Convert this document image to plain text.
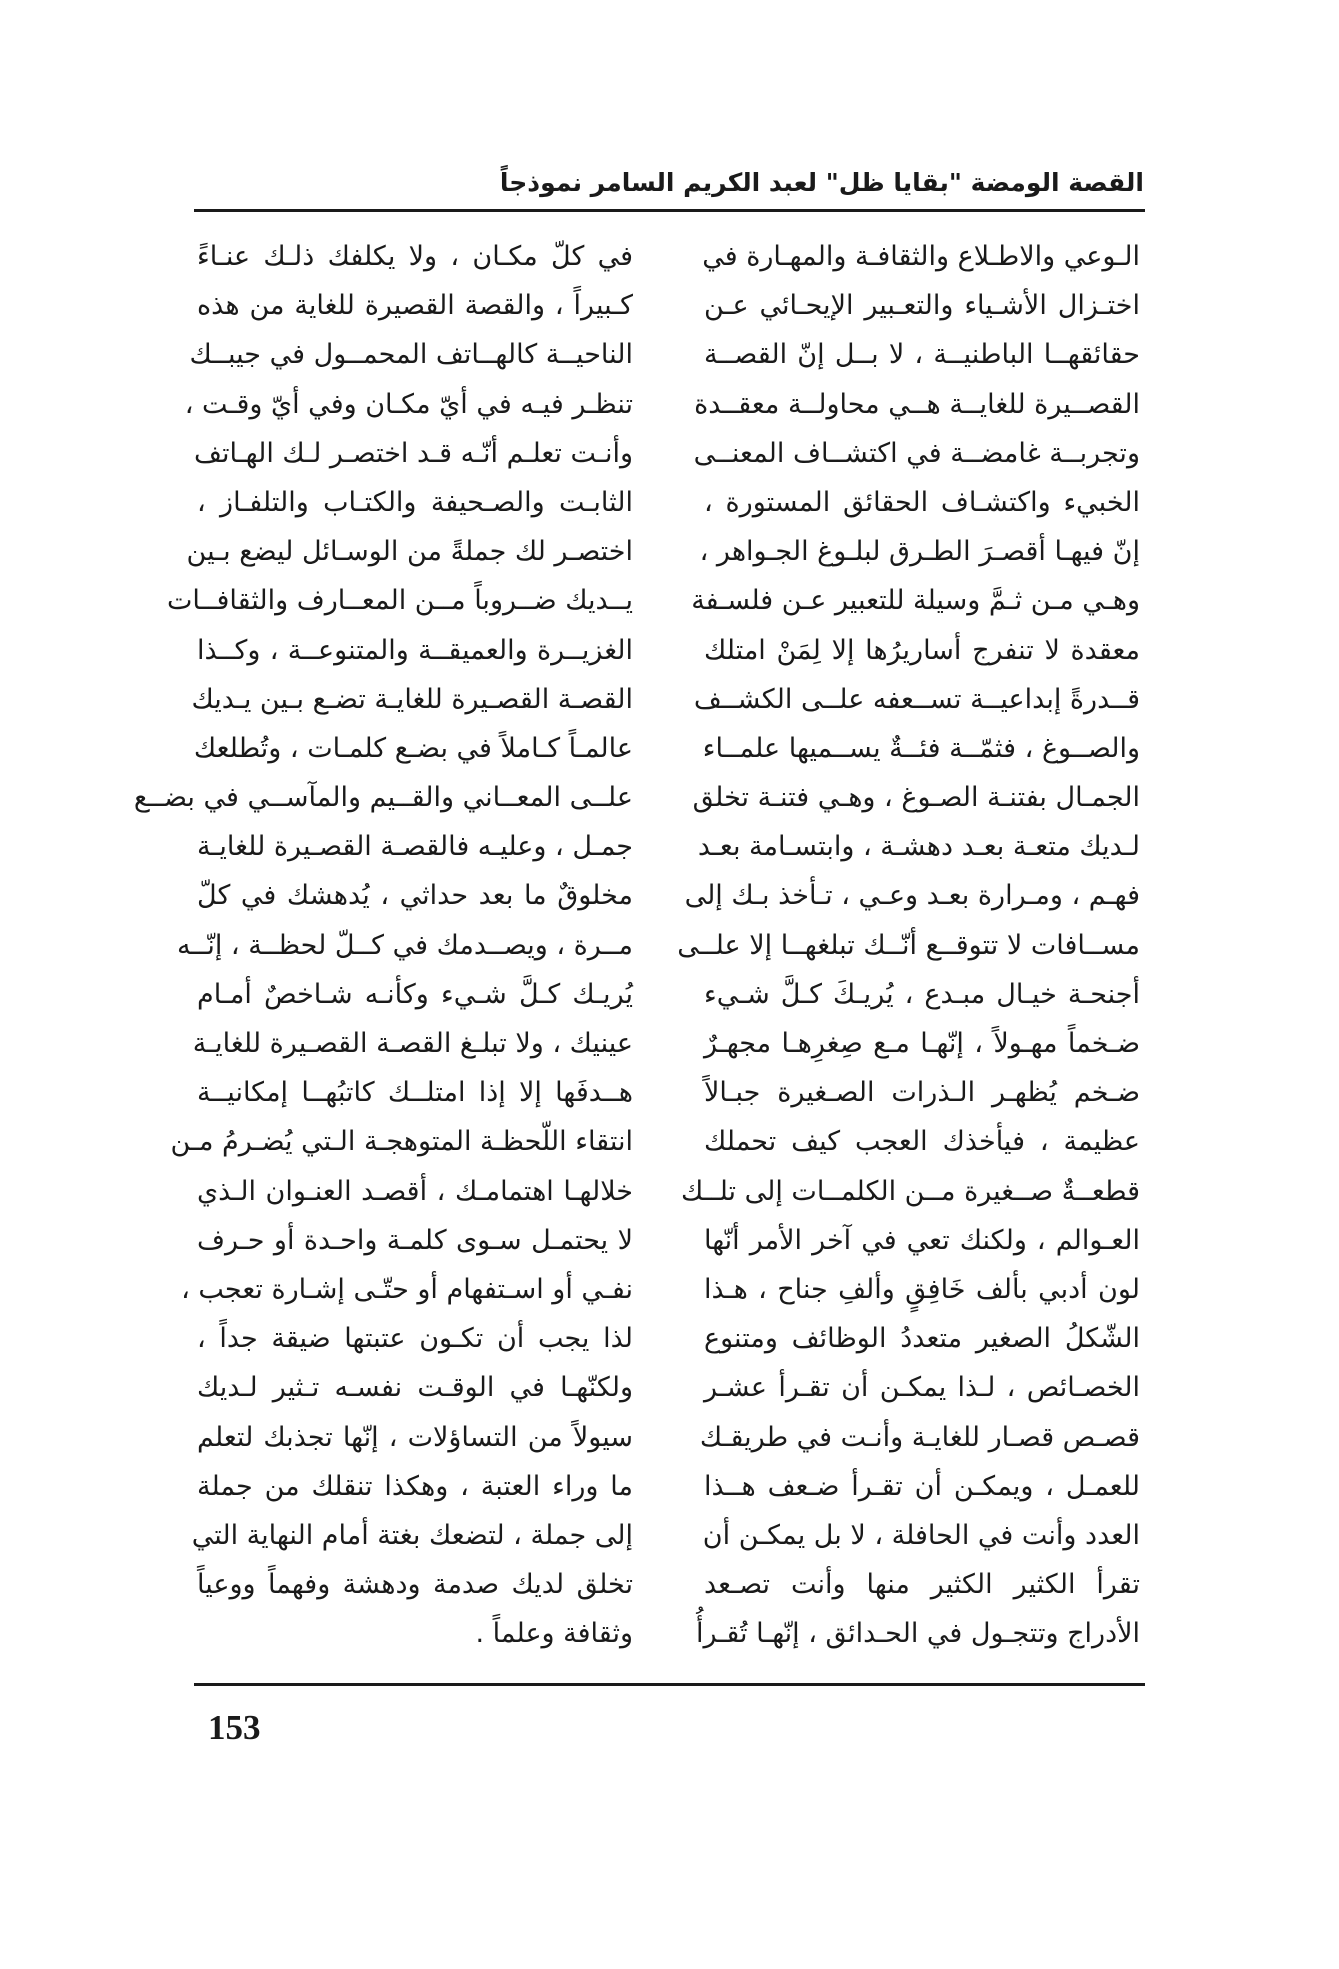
القصة الومضة "بقايا ظل" لعبد الكريم السامر نموذجاً
الـوعي والاطـلاع والثقافـة والمهـارة في
اختـزال الأشـياء والتعـبير الإيحـائي عـن
حقائقهــا الباطنيــة ، لا بــل إنّ القصــة
القصــيرة للغايــة هــي محاولــة معقــدة
وتجربــة غامضــة في اكتشــاف المعنــى
الخبيء واكتشـاف الحقائق المستورة ،
إنّ فيهـا أقصـرَ الطـرق لبلـوغ الجـواهر ،
وهـي مـن ثـمَّ وسيلة للتعبير عـن فلسـفة
معقدة لا تنفرج أساريرُها إلا لِمَنْ امتلك
قــدرةً إبداعيــة تســعفه علــى الكشــف
والصــوغ ، فثمّــة فئــةٌ يســميها علمــاء
الجمـال بفتنـة الصـوغ ، وهـي فتنـة تخلق
لـديك متعـة بعـد دهشـة ، وابتسـامة بعـد
فهـم ، ومـرارة بعـد وعـي ، تـأخذ بـك إلى
مســافات لا تتوقــع أنّــك تبلغهــا إلا علــى
أجنحـة خيـال مبـدع ، يُريـكَ كـلَّ شـيء
ضـخماً مهـولاً ، إنّهـا مـع صِغرِهـا مجهـرٌ
ضـخم يُظهـر الـذرات الصـغيرة جبـالاً
عظيمة ، فيأخذك العجب كيف تحملك
قطعــةٌ صــغيرة مــن الكلمــات إلى تلــك
العـوالم ، ولكنك تعي في آخر الأمر أنّها
لون أدبي بألف خَافِقٍ وألفِ جناح ، هـذا
الشّكلُ الصغير متعددُ الوظائف ومتنوع
الخصـائص ، لـذا يمكـن أن تقـرأ عشـر
قصـص قصـار للغايـة وأنـت في طريقـك
للعمـل ، ويمكـن أن تقـرأ ضـعف هــذا
العدد وأنت في الحافلة ، لا بل يمكـن أن
تقرأ الكثير الكثير منها وأنت تصـعد
الأدراج وتتجـول في الحـدائق ، إنّهـا تُقـرأُ
في كلّ مكـان ، ولا يكلفك ذلـك عنـاءً
كـبيراً ، والقصة القصيرة للغاية من هذه
الناحيــة كالهــاتف المحمــول في جيبــك
تنظـر فيـه في أيّ مكـان وفي أيّ وقـت ،
وأنـت تعلـم أنّـه قـد اختصـر لـك الهـاتف
الثابـت والصـحيفة والكتـاب والتلفـاز ،
اختصـر لك جملةً من الوسـائل ليضع بـين
يــديك ضــروباً مــن المعــارف والثقافــات
الغزيــرة والعميقــة والمتنوعــة ، وكــذا
القصـة القصـيرة للغايـة تضـع بـين يـديك
عالمـاً كـاملاً في بضـع كلمـات ، وتُطلعك
علــى المعــاني والقــيم والمآســي في بضــع
جمـل ، وعليـه فالقصـة القصـيرة للغايـة
مخلوقٌ ما بعد حداثي ، يُدهشك في كلّ
مــرة ، ويصــدمك في كــلّ لحظــة ، إنّــه
يُريـك كـلَّ شـيء وكأنـه شـاخصٌ أمـام
عينيك ، ولا تبلـغ القصـة القصـيرة للغايـة
هــدفَها إلا إذا امتلــك كاتبُهــا إمكانيــة
انتقاء اللّحظـة المتوهجـة الـتي يُضـرمُ مـن
خلالهـا اهتمامـك ، أقصـد العنـوان الـذي
لا يحتمـل سـوى كلمـة واحـدة أو حـرف
نفـي أو اسـتفهام أو حتّـى إشـارة تعجب ،
لذا يجب أن تكـون عتبتها ضيقة جداً ،
ولكنّهـا في الوقـت نفسـه تـثير لـديك
سيولاً من التساؤلات ، إنّها تجذبك لتعلم
ما وراء العتبة ، وهكذا تنقلك من جملة
إلى جملة ، لتضعك بغتة أمام النهاية التي
تخلق لديك صدمة ودهشة وفهماً ووعياً
وثقافة وعلماً .
153
